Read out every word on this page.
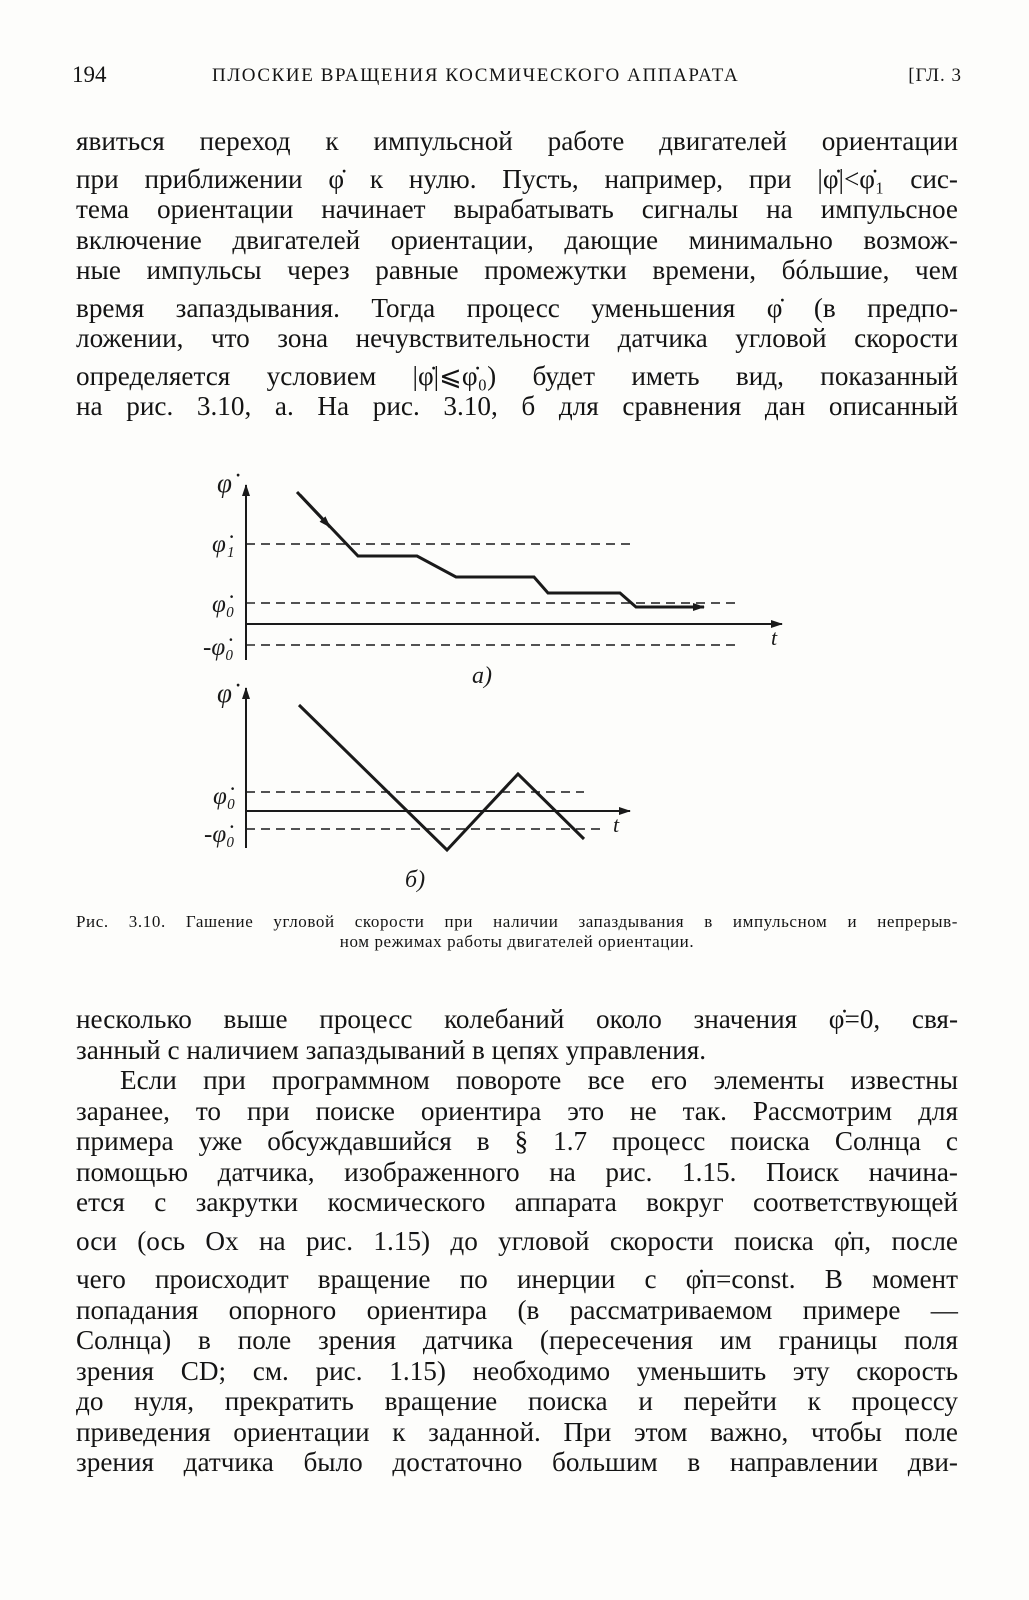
194	ПЛОСКИЕ ВРАЩЕНИЯ КОСМИЧЕСКОГО АППАРАТА	[ГЛ. 3
явиться переход к импульсной работе двигателей ориентации
при приближении φ̇ к нулю. Пусть, например, при |φ̇|<φ̇₁ сис-
тема ориентации начинает вырабатывать сигналы на импульсное
включение двигателей ориентации, дающие минимально возмож-
ные импульсы через равные промежутки времени, бóльшие, чем
время запаздывания. Тогда процесс уменьшения φ̇ (в предпо-
ложении, что зона нечувствительности датчика угловой скорости
определяется условием |φ̇|⩽φ̇₀) будет иметь вид, показанный
на рис. 3.10, а. На рис. 3.10, б для сравнения дан описанный
φ̇
φ̇₁
φ̇₀
-φ̇₀	t
а)
φ̇
φ̇₀
-φ̇₀	t
б)
Рис. 3.10. Гашение угловой скорости при наличии запаздывания в импульсном и непрерыв-
ном режимах работы двигателей ориентации.
несколько выше процесс колебаний около значения φ̇=0, свя-
занный с наличием запаздываний в цепях управления.
Если при программном повороте все его элементы известны
заранее, то при поиске ориентира это не так. Рассмотрим для
примера уже обсуждавшийся в § 1.7 процесс поиска Солнца с
помощью датчика, изображенного на рис. 1.15. Поиск начина-
ется с закрутки космического аппарата вокруг соответствующей
оси (ось Ox на рис. 1.15) до угловой скорости поиска φ̇п, после
чего происходит вращение по инерции с φ̇п=const. В момент
попадания опорного ориентира (в рассматриваемом примере —
Солнца) в поле зрения датчика (пересечения им границы поля
зрения CD; см. рис. 1.15) необходимо уменьшить эту скорость
до нуля, прекратить вращение поиска и перейти к процессу
приведения ориентации к заданной. При этом важно, чтобы поле
зрения датчика было достаточно большим в направлении дви-
